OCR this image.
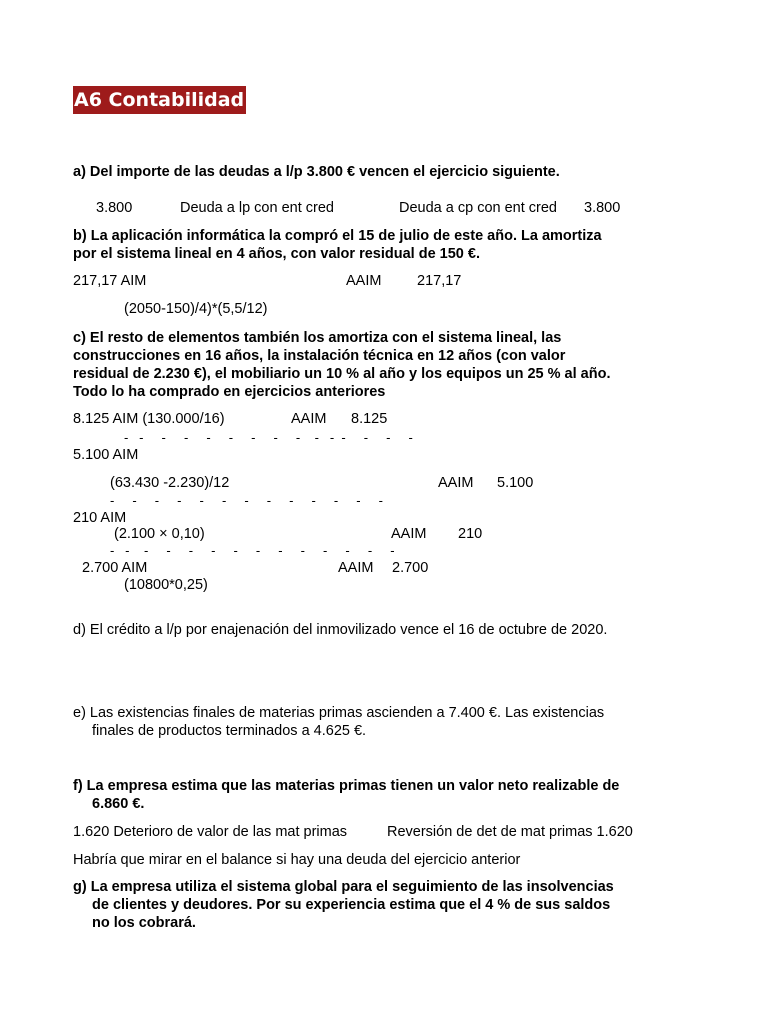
A6 Contabilidad
a) Del importe de las deudas a l/p 3.800 € vencen el ejercicio siguiente.
3.800	Deuda a lp con ent cred	Deuda a cp con ent cred 3.800
b) La aplicación informática la compró el 15 de julio de este año. La amortiza
por el sistema lineal en 4 años, con valor residual de 150 €.
217,17 AIM	AAIM 217,17
(2050-150)/4)*(5,5/12)
c) El resto de elementos también los amortiza con el sistema lineal, las
construcciones en 16 años, la instalación técnica en 12 años (con valor
residual de 2.230 €), el mobiliario un 10 % al año y los equipos un 25 % al año.
Todo lo ha comprado en ejercicios anteriores
8.125 AIM (130.000/16)	AAIM 8.125
-   -     -     -     -     -     -     -     -    -   -  -     -     -     -
5.100 AIM
(63.430 -2.230)/12	AAIM 5.100
-     -     -     -     -     -     -     -     -     -     -     -     -
210 AIM
(2.100 × 0,10)	AAIM 210
-   -    -     -     -     -     -     -     -     -     -     -     -     -
2.700 AIM	AAIM 2.700
(10800*0,25)
d) El crédito a l/p por enajenación del inmovilizado vence el 16 de octubre de 2020.
e) Las existencias finales de materias primas ascienden a 7.400 €. Las existencias
finales de productos terminados a 4.625 €.
f) La empresa estima que las materias primas tienen un valor neto realizable de
6.860 €.
1.620 Deterioro de valor de las mat primas	Reversión de det de mat primas 1.620
Habría que mirar en el balance si hay una deuda del ejercicio anterior
g) La empresa utiliza el sistema global para el seguimiento de las insolvencias
de clientes y deudores. Por su experiencia estima que el 4 % de sus saldos
no los cobrará.
